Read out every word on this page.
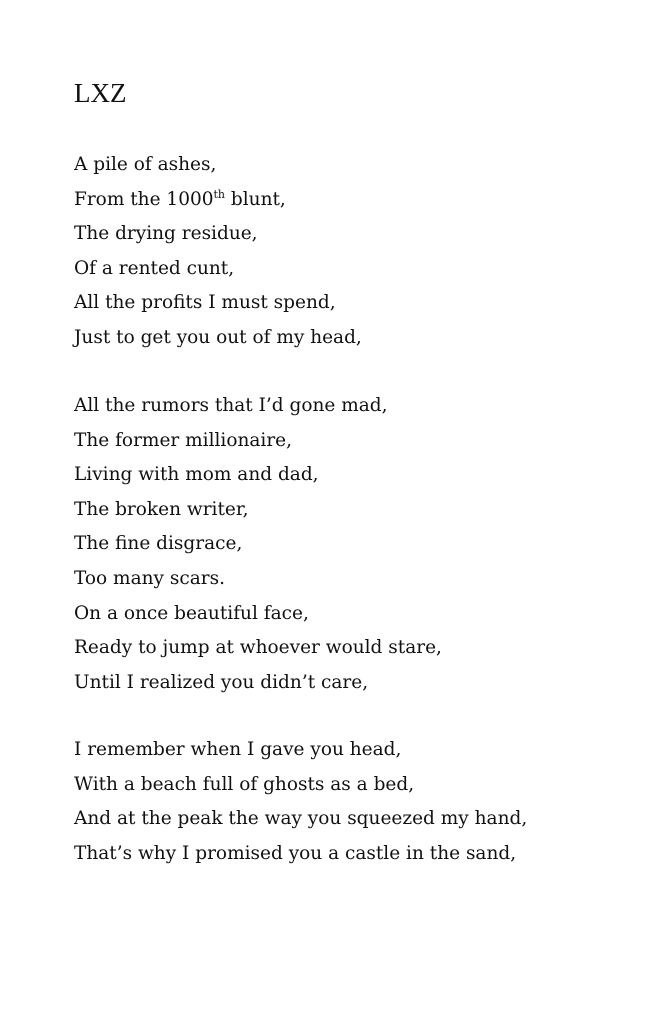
LXZ
A pile of ashes,
From the 1000th blunt,
The drying residue,
Of a rented cunt,
All the profits I must spend,
Just to get you out of my head,
All the rumors that I’d gone mad,
The former millionaire,
Living with mom and dad,
The broken writer,
The fine disgrace,
Too many scars.
On a once beautiful face,
Ready to jump at whoever would stare,
Until I realized you didn’t care,
I remember when I gave you head,
With a beach full of ghosts as a bed,
And at the peak the way you squeezed my hand,
That’s why I promised you a castle in the sand,
